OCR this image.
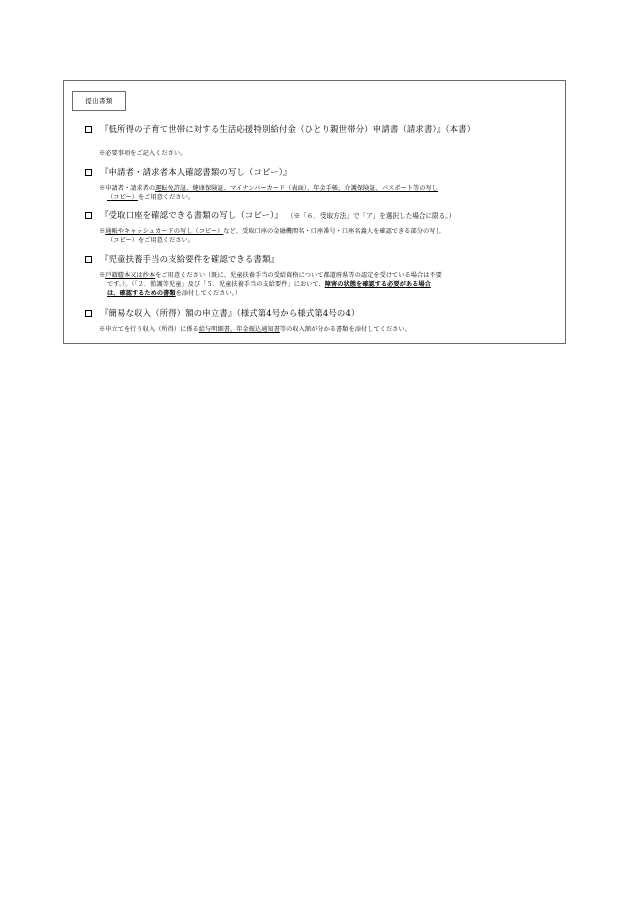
提出書類
『低所得の子育て世帯に対する生活応援特別給付金（ひとり親世帯分）申請書（請求書）』（本書）
※必要事項をご記入ください。
『申請者・請求者本人確認書類の写し（コピー）』
※申請者・請求者の運転免許証、健康保険証、マイナンバーカード（表面）、年金手帳、介護保険証、パスポート等の写し
（コピー）をご用意ください。
『受取口座を確認できる書類の写し（コピー）』 （※「６．受取方法」で「ア」を選択した場合に限る。）
※通帳やキャッシュカードの写し（コピー）など、受取口座の金融機関名・口座番号・口座名義人を確認できる部分の写し
（コピー）をご用意ください。
『児童扶養手当の支給要件を確認できる書類』
※戸籍謄本又は抄本をご用意ください（既に、児童扶養手当の受給資格について都道府県等の認定を受けている場合は不要
です。）。（「２．監護等児童」及び「５．児童扶養手当の支給要件」において、障害の状態を確認する必要がある場合
は、確認するための書類を添付してください。）
『簡易な収入（所得）額の申立書』（様式第4号から様式第4号の4）
※申立てを行う収入（所得）に係る給与明細書、年金振込通知書等の収入額が分かる書類を添付してください。
